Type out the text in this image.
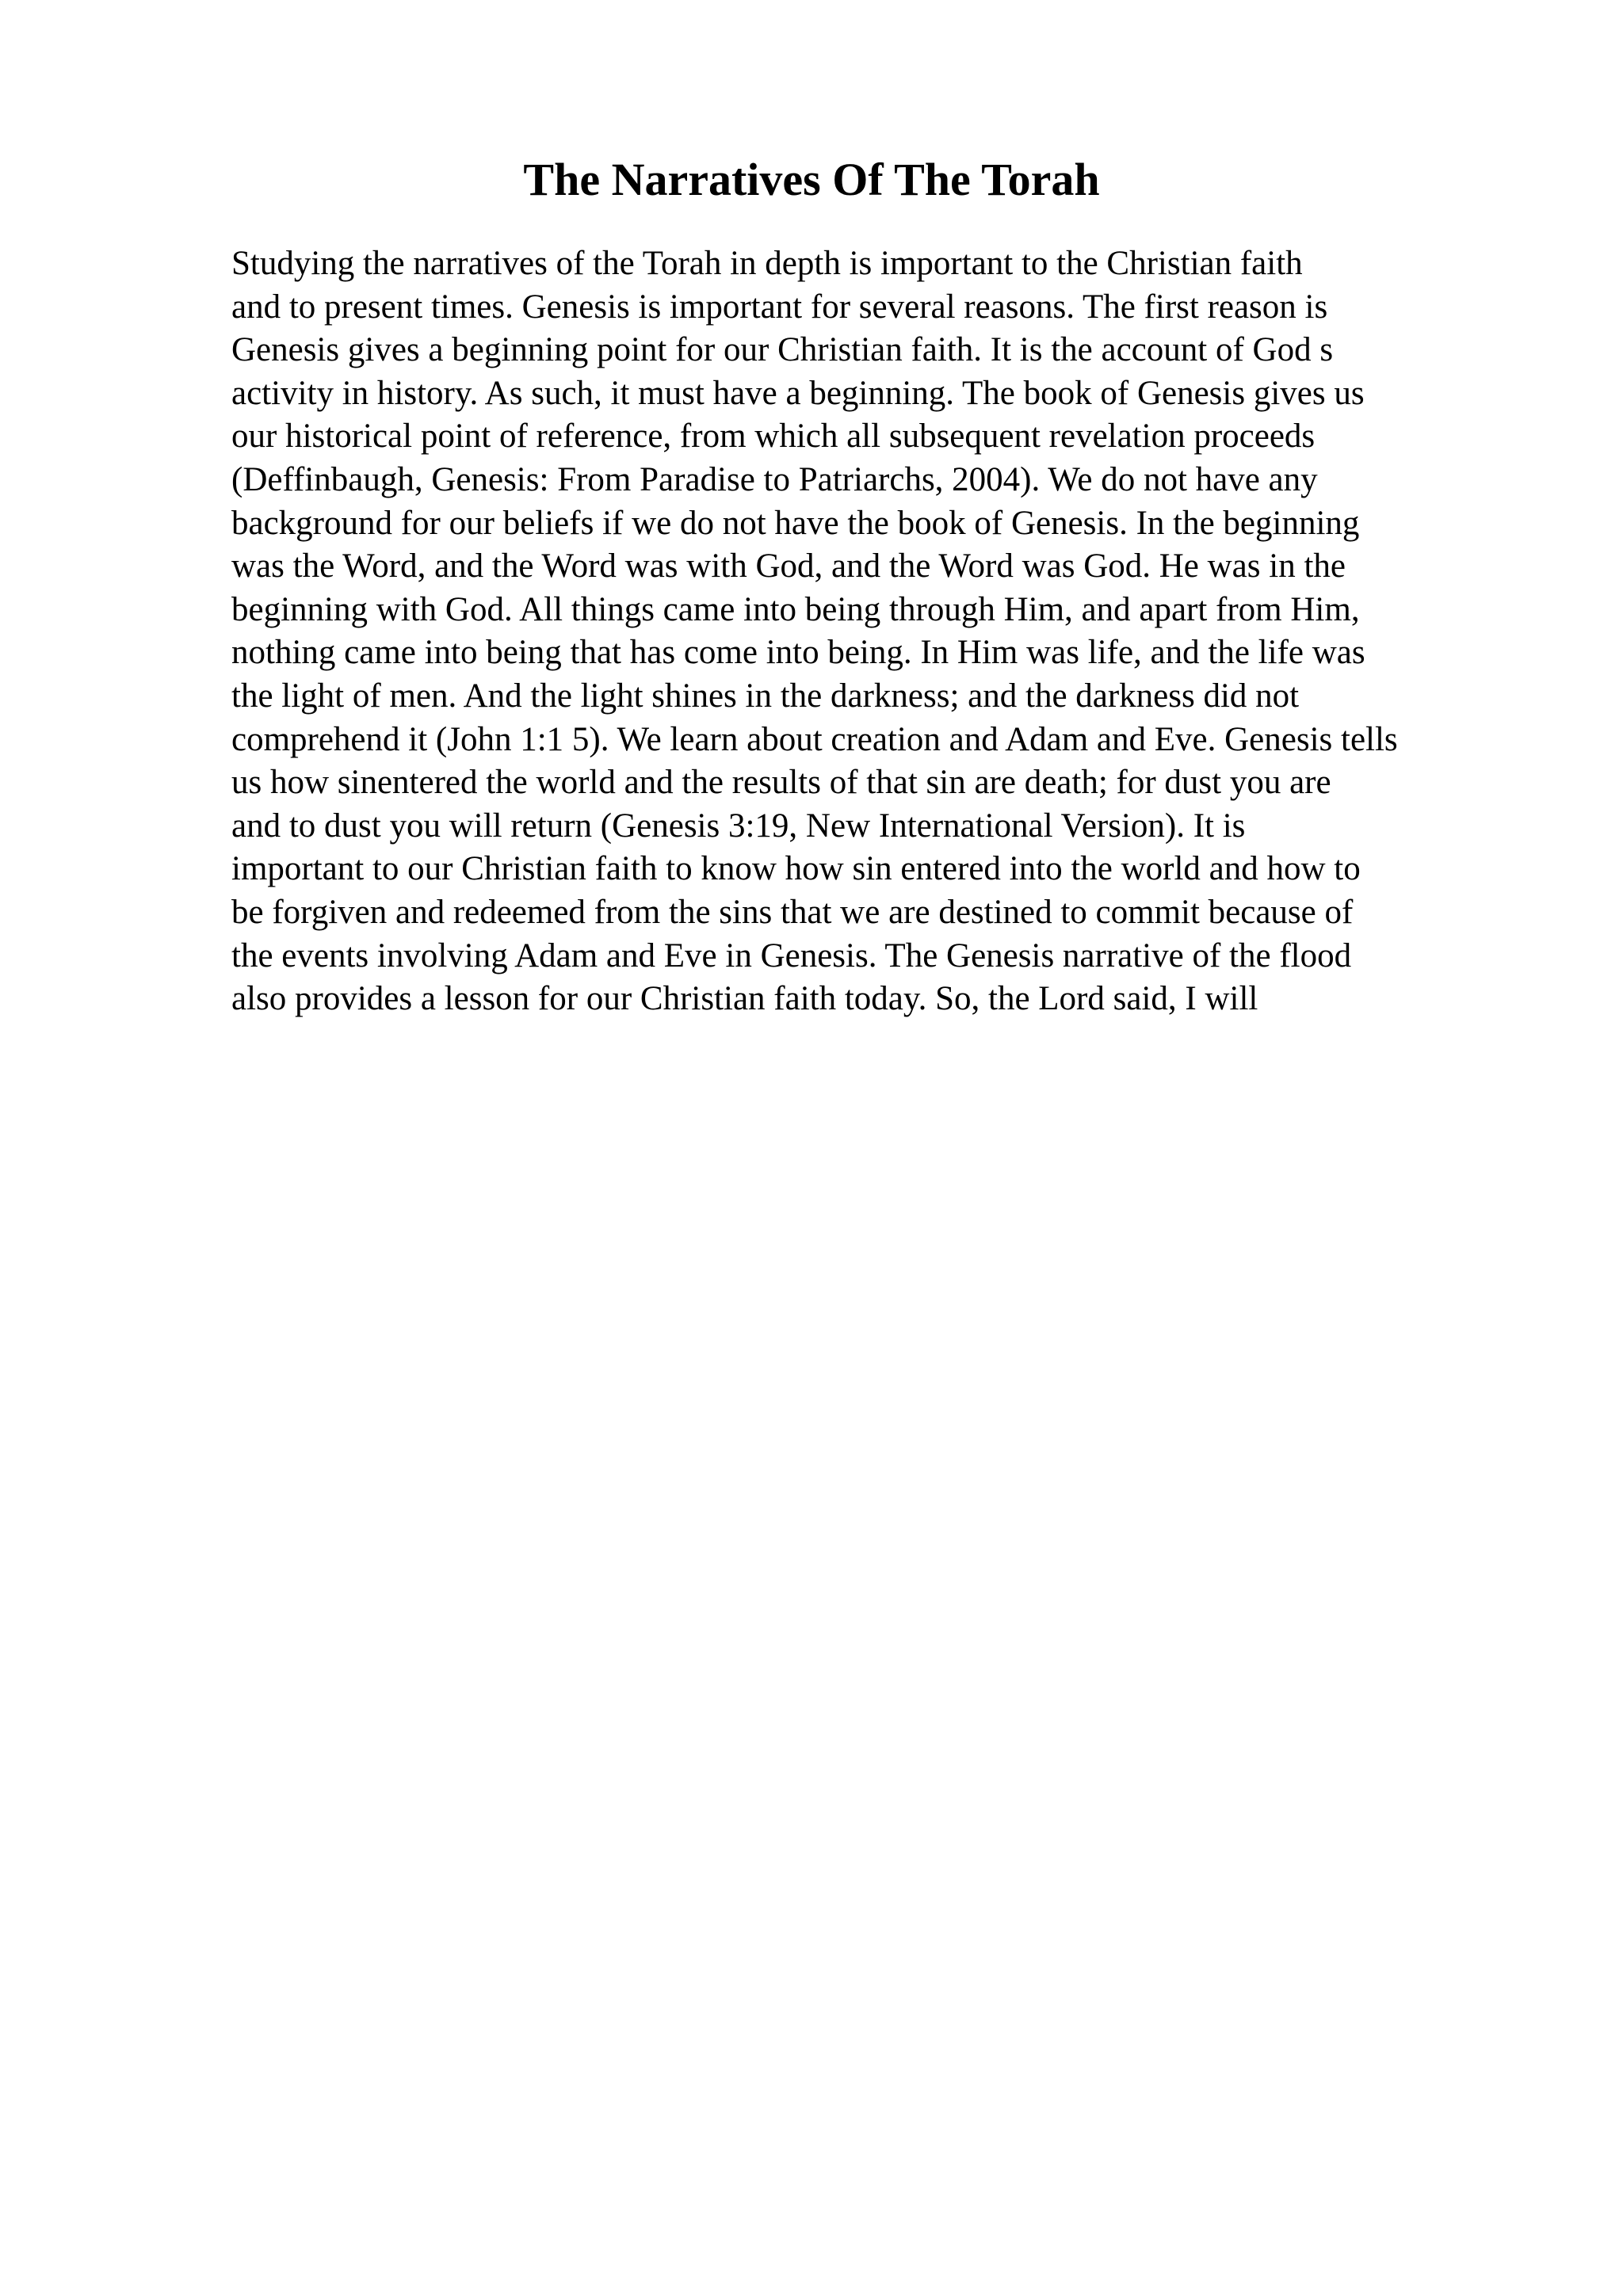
The Narratives Of The Torah
Studying the narratives of the Torah in depth is important to the Christian faith
and to present times. Genesis is important for several reasons. The first reason is
Genesis gives a beginning point for our Christian faith. It is the account of God s
activity in history. As such, it must have a beginning. The book of Genesis gives us
our historical point of reference, from which all subsequent revelation proceeds
(Deffinbaugh, Genesis: From Paradise to Patriarchs, 2004). We do not have any
background for our beliefs if we do not have the book of Genesis. In the beginning
was the Word, and the Word was with God, and the Word was God. He was in the
beginning with God. All things came into being through Him, and apart from Him,
nothing came into being that has come into being. In Him was life, and the life was
the light of men. And the light shines in the darkness; and the darkness did not
comprehend it (John 1:1 5). We learn about creation and Adam and Eve. Genesis tells
us how sinentered the world and the results of that sin are death; for dust you are
and to dust you will return (Genesis 3:19, New International Version). It is
important to our Christian faith to know how sin entered into the world and how to
be forgiven and redeemed from the sins that we are destined to commit because of
the events involving Adam and Eve in Genesis. The Genesis narrative of the flood
also provides a lesson for our Christian faith today. So, the Lord said, I will
